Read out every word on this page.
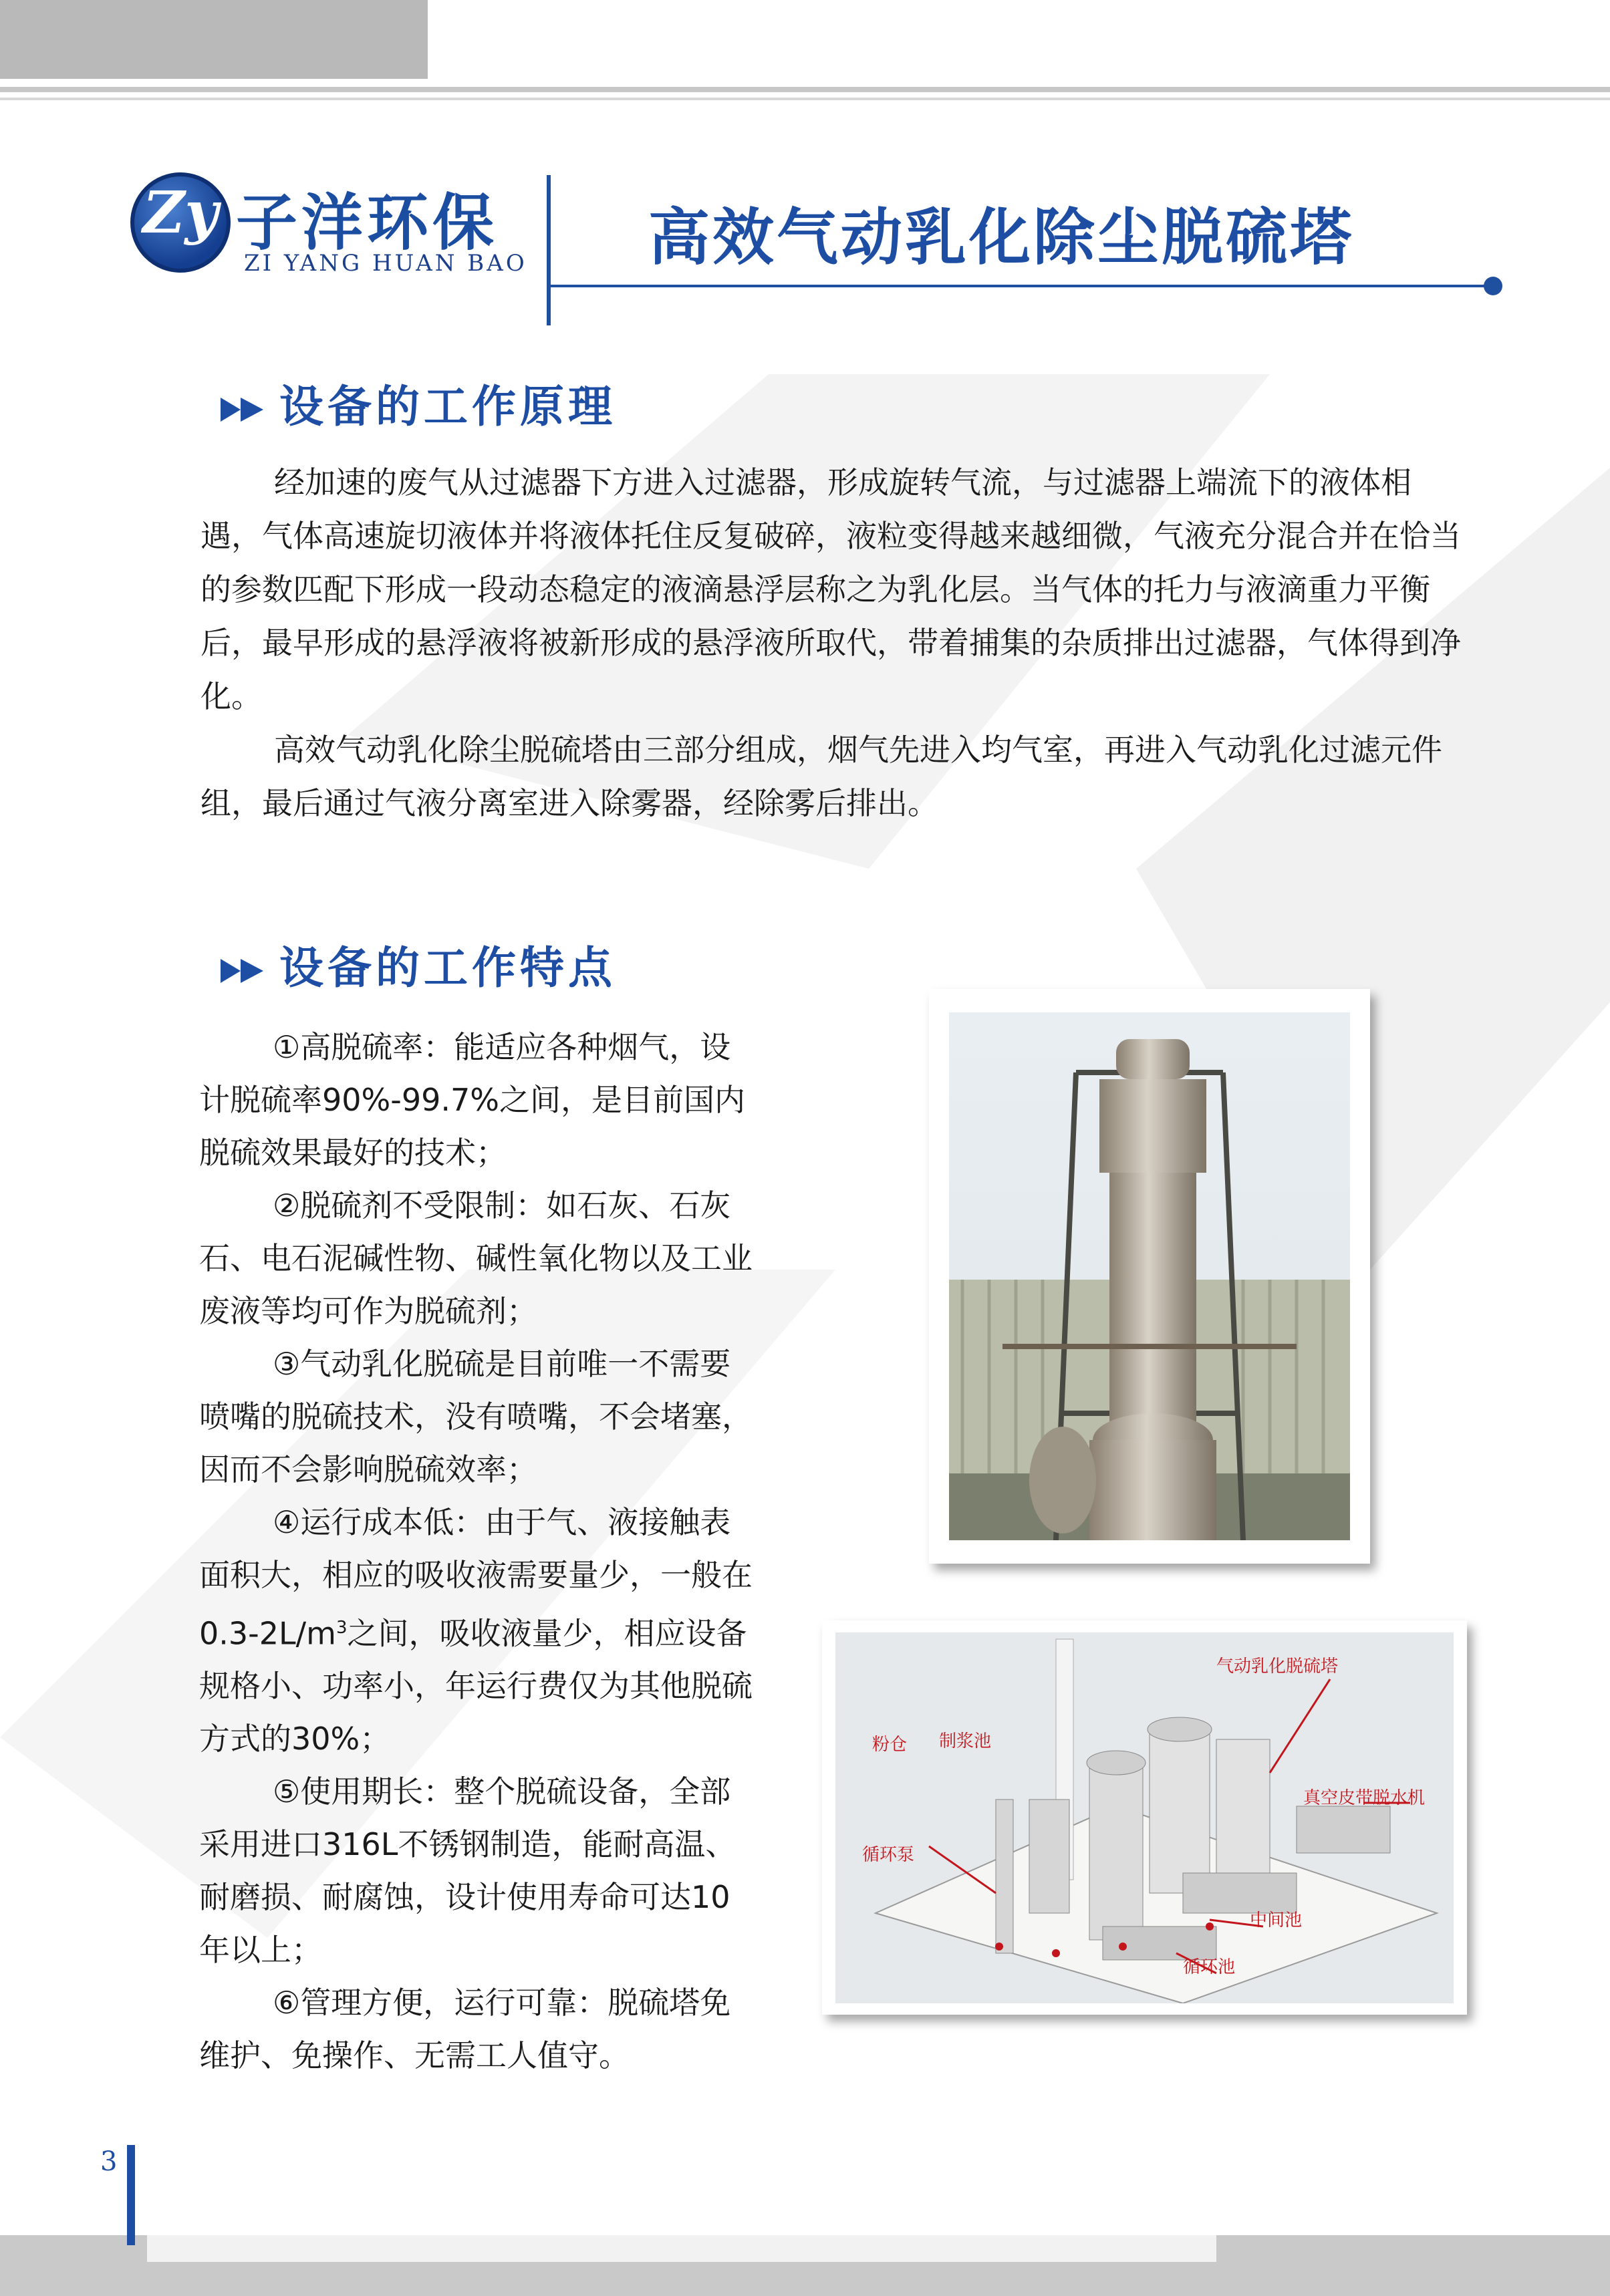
Zy 子洋环保
ZI YANG HUAN BAO 高效气动乳化除尘脱硫塔
设备的工作原理

经加速的废气从过滤器下方进入过滤器，形成旋转气流，与过滤器上端流下的液体相遇，气体高速旋切液体并将液体托住反复破碎，液粒变得越来越细微，气液充分混合并在恰当的参数匹配下形成一段动态稳定的液滴悬浮层称之为乳化层。当气体的托力与液滴重力平衡后，最早形成的悬浮液将被新形成的悬浮液所取代，带着捕集的杂质排出过滤器，气体得到净化。

高效气动乳化除尘脱硫塔由三部分组成，烟气先进入均气室，再进入气动乳化过滤元件组，最后通过气液分离室进入除雾器，经除雾后排出。

设备的工作特点

①高脱硫率：能适应各种烟气，设计脱硫率90%-99.7%之间，是目前国内脱硫效果最好的技术；

②脱硫剂不受限制：如石灰、石灰石、电石泥碱性物、碱性氧化物以及工业废液等均可作为脱硫剂；

③气动乳化脱硫是目前唯一不需要喷嘴的脱硫技术，没有喷嘴，不会堵塞，因而不会影响脱硫效率；

④运行成本低：由于气、液接触表面积大，相应的吸收液需要量少，一般在$0.3-2L/m^3$之间，吸收液量少，相应设备规格小、功率小，年运行费仅为其他脱硫方式的30%；

⑤使用期长：整个脱硫设备，全部采用进口316L不锈钢制造，能耐高温、耐磨损、耐腐蚀，设计使用寿命可达10年以上；

⑥管理方便，运行可靠：脱硫塔免维护、免操作、无需工人值守。

气动乳化脱硫塔
粉仓 制浆池
真空皮带脱水机
循环泵
中间池
循环池
3
